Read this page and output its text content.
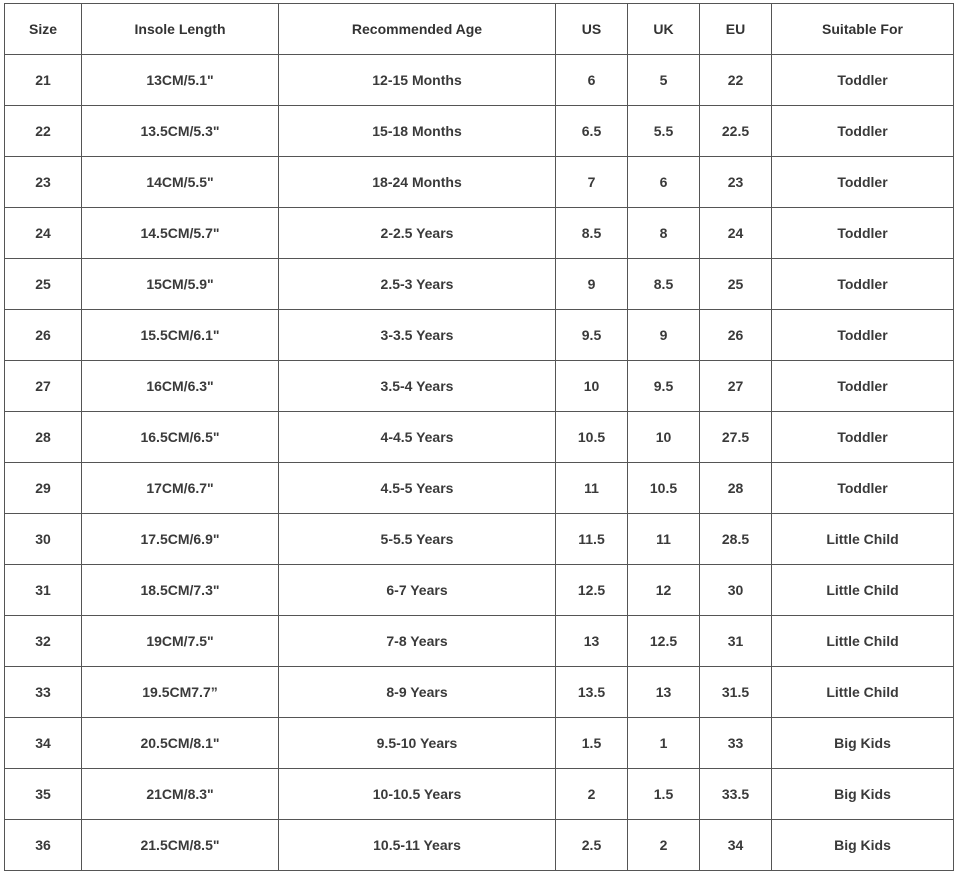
Size	Insole Length	Recommended Age	US	UK	EU	Suitable For
21	13CM/5.1"	12-15 Months	6	5	22	Toddler
22	13.5CM/5.3"	15-18 Months	6.5	5.5	22.5	Toddler
23	14CM/5.5"	18-24 Months	7	6	23	Toddler
24	14.5CM/5.7"	2-2.5 Years	8.5	8	24	Toddler
25	15CM/5.9"	2.5-3 Years	9	8.5	25	Toddler
26	15.5CM/6.1"	3-3.5 Years	9.5	9	26	Toddler
27	16CM/6.3"	3.5-4 Years	10	9.5	27	Toddler
28	16.5CM/6.5"	4-4.5 Years	10.5	10	27.5	Toddler
29	17CM/6.7"	4.5-5 Years	11	10.5	28	Toddler
30	17.5CM/6.9"	5-5.5 Years	11.5	11	28.5	Little Child
31	18.5CM/7.3"	6-7 Years	12.5	12	30	Little Child
32	19CM/7.5"	7-8 Years	13	12.5	31	Little Child
33	19.5CM7.7”	8-9 Years	13.5	13	31.5	Little Child
34	20.5CM/8.1"	9.5-10 Years	1.5	1	33	Big Kids
35	21CM/8.3"	10-10.5 Years	2	1.5	33.5	Big Kids
36	21.5CM/8.5"	10.5-11 Years	2.5	2	34	Big Kids
